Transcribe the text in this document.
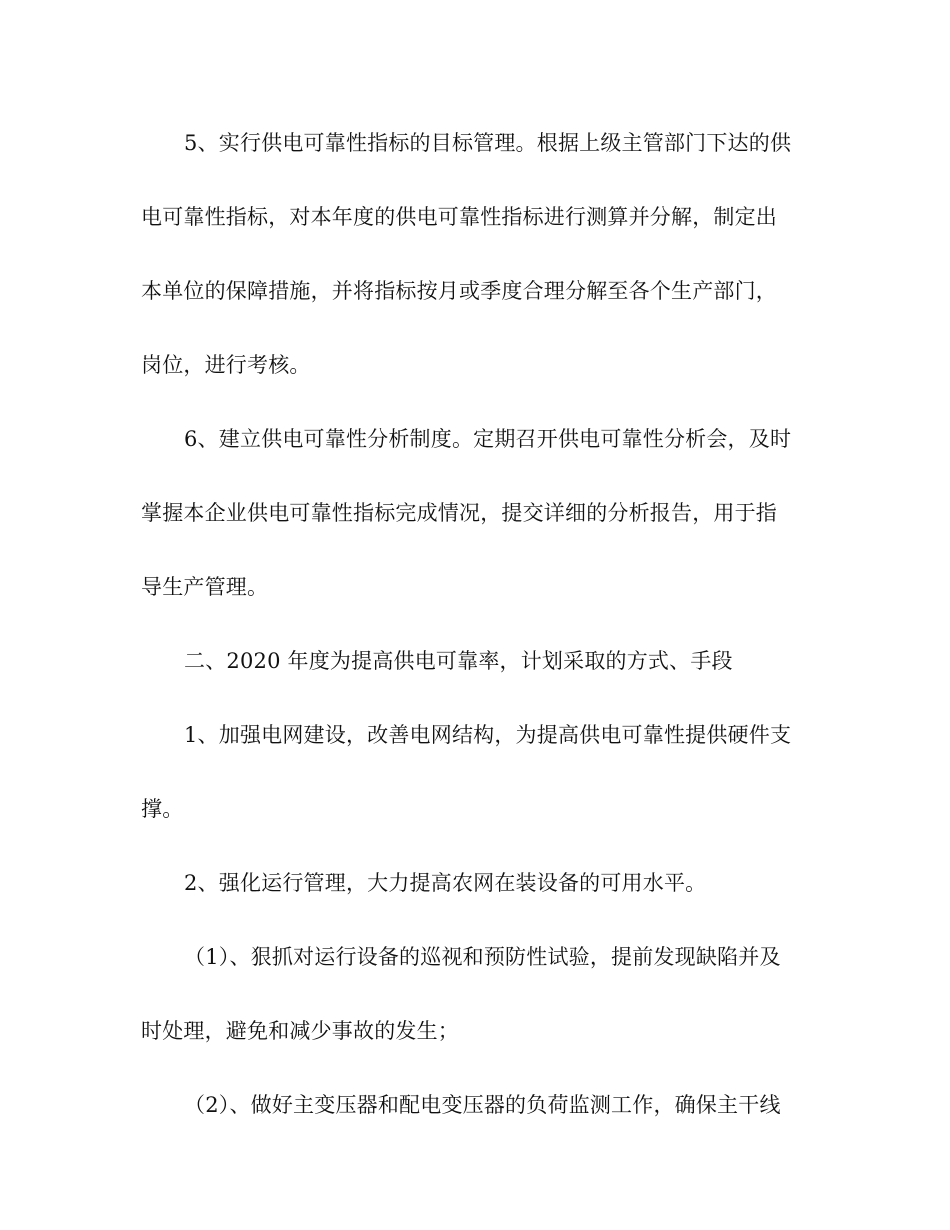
5、实行供电可靠性指标的目标管理。根据上级主管部门下达的供
电可靠性指标，对本年度的供电可靠性指标进行测算并分解，制定出
本单位的保障措施，并将指标按月或季度合理分解至各个生产部门，
岗位，进行考核。
6、建立供电可靠性分析制度。定期召开供电可靠性分析会，及时
掌握本企业供电可靠性指标完成情况，提交详细的分析报告，用于指
导生产管理。
二、2020 年度为提高供电可靠率，计划采取的方式、手段
1、加强电网建设，改善电网结构，为提高供电可靠性提供硬件支
撑。
2、强化运行管理，大力提高农网在装设备的可用水平。
（1）、狠抓对运行设备的巡视和预防性试验，提前发现缺陷并及
时处理，避免和减少事故的发生；
（2）、做好主变压器和配电变压器的负荷监测工作，确保主干线
